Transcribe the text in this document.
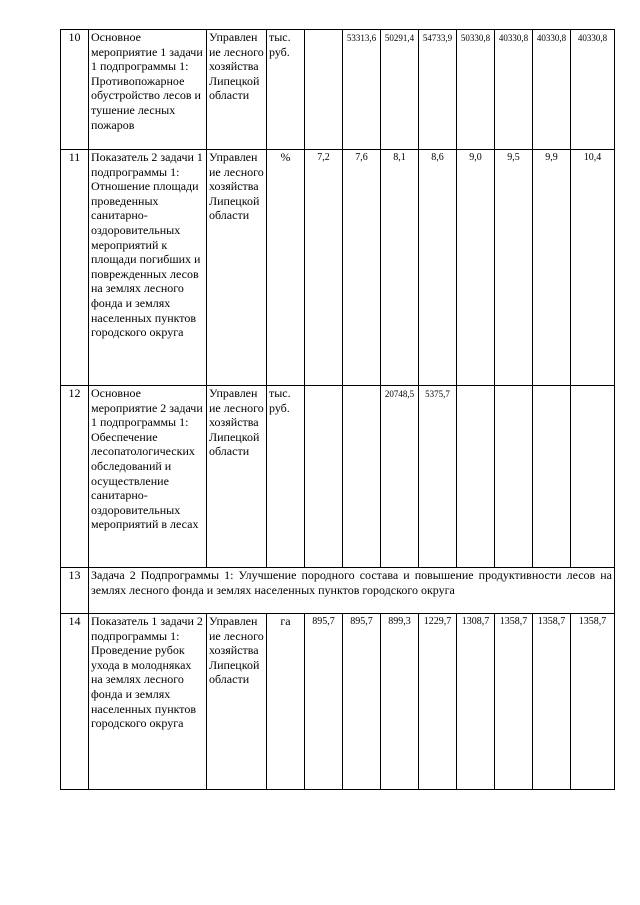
10	Основное мероприятие 1 задачи 1 подпрограммы 1: Противопожарное обустройство лесов и тушение лесных пожаров	Управлен ие лесного хозяйства Липецкой области	тыс. руб.		53313,6	50291,4	54733,9	50330,8	40330,8	40330,8	40330,8
11	Показатель 2 задачи 1 подпрограммы 1: Отношение площади проведенных санитарно-оздоровительных мероприятий к площади погибших и поврежденных лесов на землях лесного фонда и землях населенных пунктов городского округа	Управлен ие лесного хозяйства Липецкой области	%	7,2	7,6	8,1	8,6	9,0	9,5	9,9	10,4
12	Основное мероприятие 2 задачи 1 подпрограммы 1: Обеспечение лесопатологических обследований и осуществление санитарно-оздоровительных мероприятий в лесах	Управлен ие лесного хозяйства Липецкой области	тыс. руб.			20748,5	5375,7				
13	Задача 2 Подпрограммы 1: Улучшение породного состава и повышение продуктивности лесов на землях лесного фонда и землях населенных пунктов городского округа										
14	Показатель 1 задачи 2 подпрограммы 1: Проведение рубок ухода в молодняках на землях лесного фонда и землях населенных пунктов городского округа	Управлен ие лесного хозяйства Липецкой области	га	895,7	895,7	899,3	1229,7	1308,7	1358,7	1358,7	1358,7
